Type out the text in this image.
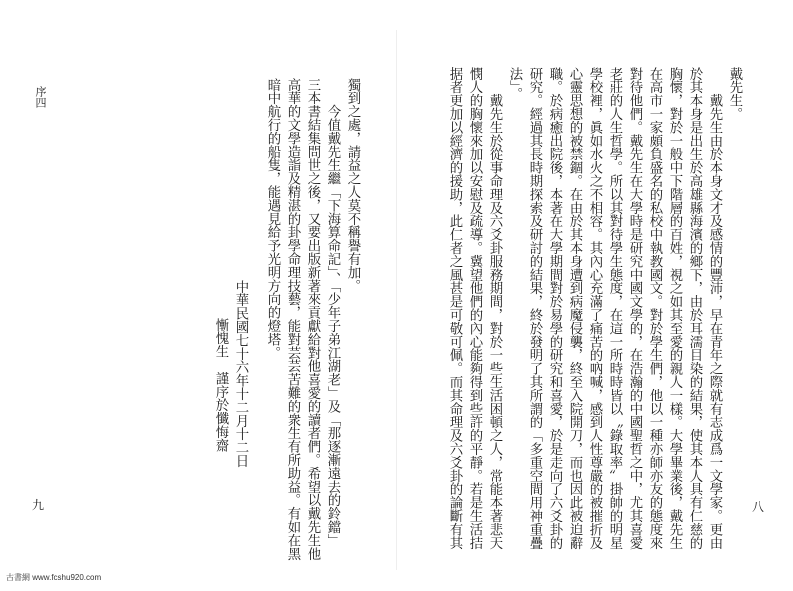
序四	獨到之處，請益之人莫不稱譽有加。
　　今值戴先生繼「下海算命記」、「少年子弟江湖老」及「那逐漸遠去的鈴鐺」
三本書結集問世之後，又要出版新著來貢獻給對他喜愛的讀者們。希望以戴先生他
高華的文學造詣及精湛的卦學命理技藝，能對芸芸苦難的衆生有所助益。有如在黑
暗中航行的船隻，能遇見給予光明方向的燈塔。
中華民國七十六年十二月十二日
慚愧生　謹序於懺悔齋
九
戴先生。
　　戴先生由於本身文才及感情的豐沛，早在青年之際就有志成爲一文學家。更由
於其本身是出生於高雄縣海濱的鄉下，由於耳濡目染的結果，使其本人具有仁慈的
胸懷，對於一般中下階層的百姓，視之如其至愛的親人一樣。大學畢業後，戴先生
在高市一家頗負盛名的私校中執教國文。對於學生們，他以一種亦師亦友的態度來
對待他們。戴先生在大學時是研究中國文學的，在浩瀚的中國聖哲之中，尤其喜愛
老莊的人生哲學。所以其對待學生態度，在這一所時時皆以〝錄取率〞掛帥的明星
學校裡，眞如水火之不相容。其內心充滿了痛苦的吶喊，感到人性尊嚴的被摧折及
心靈思想的被禁錮。在由於其本身遭到病魔侵襲，終至入院開刀，而也因此被迫辭
職。於病癒出院後，本著在大學期間對於易學的研究和喜愛，於是走向了六爻卦的
研究。經過其長時期探索及研討的結果，終於發明了其所謂的「多重空間用神重疊
法」。
　　戴先生於從事命理及六爻卦服務期間，對於一些生活困頓之人，常能本著悲天
憫人的胸懷來加以安慰及疏導。冀望他們的內心能夠得到些許的平靜。若是生活拮
据者更加以經濟的援助，此仁者之風甚是可敬可佩。而其命理及六爻卦的論斷有其	八
古書網 www.fcshu920.com
